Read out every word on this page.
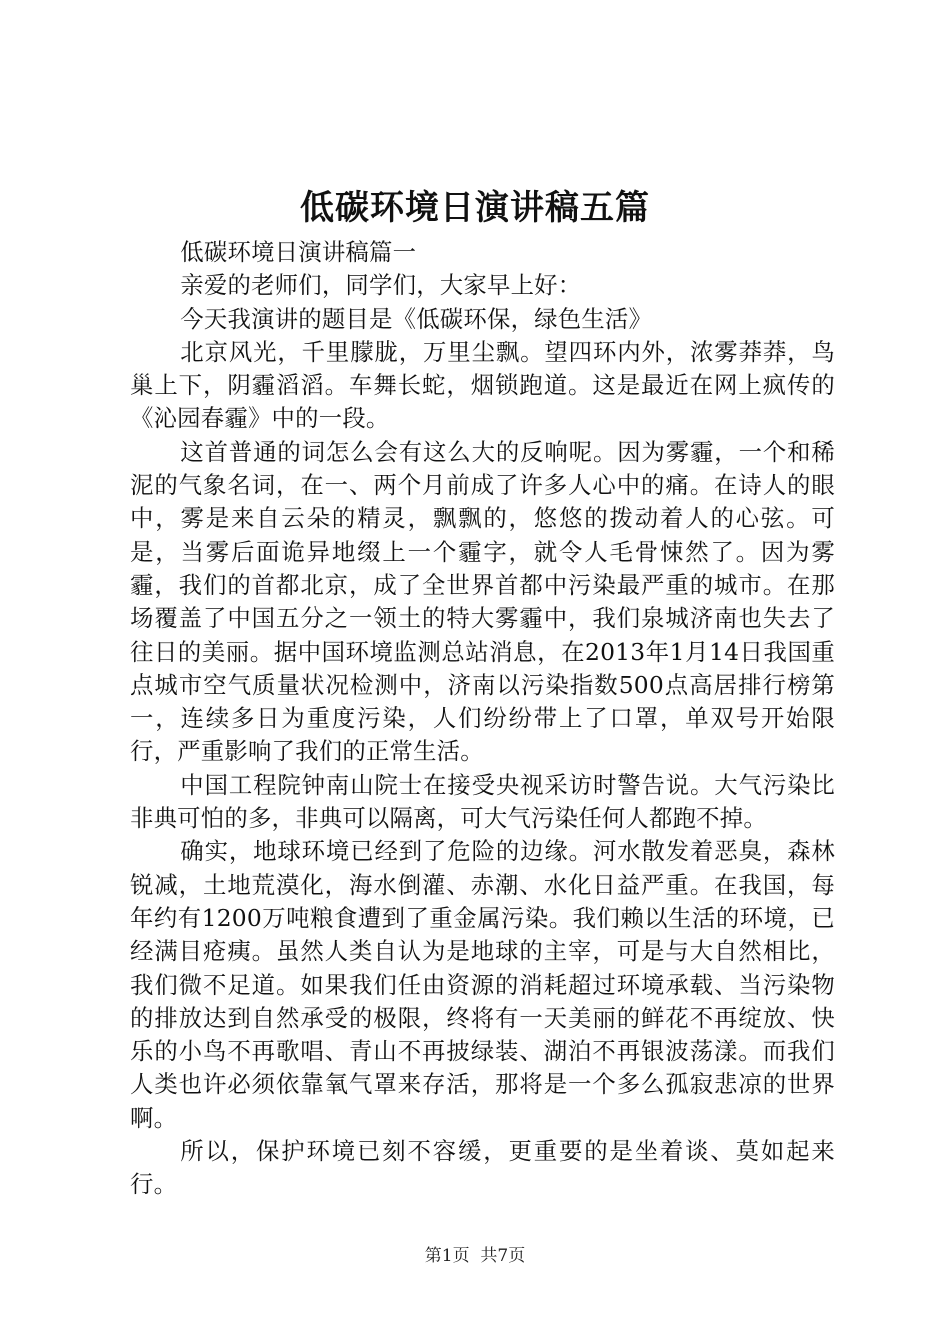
低碳环境日演讲稿五篇

低碳环境日演讲稿篇一

亲爱的老师们，同学们，大家早上好：

今天我演讲的题目是《低碳环保，绿色生活》

北京风光，千里朦胧，万里尘飘。望四环内外，浓雾莽莽，鸟巢上下，阴霾滔滔。车舞长蛇，烟锁跑道。这是最近在网上疯传的《沁园春霾》中的一段。

这首普通的词怎么会有这么大的反响呢。因为雾霾，一个和稀泥的气象名词，在一、两个月前成了许多人心中的痛。在诗人的眼中，雾是来自云朵的精灵，飘飘的，悠悠的拨动着人的心弦。可是，当雾后面诡异地缀上一个霾字，就令人毛骨悚然了。因为雾霾，我们的首都北京，成了全世界首都中污染最严重的城市。在那场覆盖了中国五分之一领土的特大雾霾中，我们泉城济南也失去了往日的美丽。据中国环境监测总站消息，在2013年1月14日我国重点城市空气质量状况检测中，济南以污染指数500点高居排行榜第一，连续多日为重度污染，人们纷纷带上了口罩，单双号开始限行，严重影响了我们的正常生活。

中国工程院钟南山院士在接受央视采访时警告说。大气污染比非典可怕的多，非典可以隔离，可大气污染任何人都跑不掉。

确实，地球环境已经到了危险的边缘。河水散发着恶臭，森林锐减，土地荒漠化，海水倒灌、赤潮、水化日益严重。在我国，每年约有1200万吨粮食遭到了重金属污染。我们赖以生活的环境，已经满目疮痍。虽然人类自认为是地球的主宰，可是与大自然相比，我们微不足道。如果我们任由资源的消耗超过环境承载、当污染物的排放达到自然承受的极限，终将有一天美丽的鲜花不再绽放、快乐的小鸟不再歌唱、青山不再披绿装、湖泊不再银波荡漾。而我们人类也许必须依靠氧气罩来存活，那将是一个多么孤寂悲凉的世界啊。

所以，保护环境已刻不容缓，更重要的是坐着谈、莫如起来行。

第1页 共7页
